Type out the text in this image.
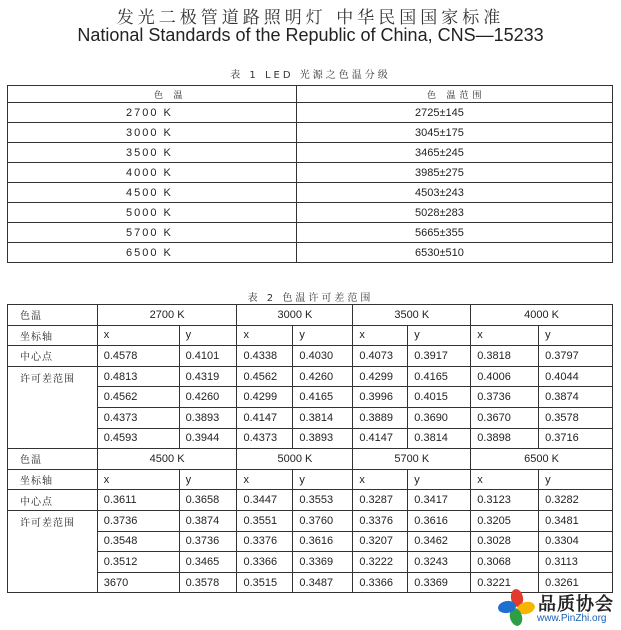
发光二极管道路照明灯 中华民国国家标准
National Standards of the Republic of China, CNS—15233
表 1 LED 光源之色温分级
色 温	色 温范围
2700 K	2725±145
3000 K	3045±175
3500 K	3465±245
4000 K	3985±275
4500 K	4503±243
5000 K	5028±283
5700 K	5665±355
6500 K	6530±510
表 2 色温许可差范围
色温	2700 K		3000 K		3500 K		4000 K	
坐标轴	x	y	x	y	x	y	x	y
中心点	0.4578	0.4101	0.4338	0.4030	0.4073	0.3917	0.3818	0.3797
许可差范围	0.4813	0.4319	0.4562	0.4260	0.4299	0.4165	0.4006	0.4044
	0.4562	0.4260	0.4299	0.4165	0.3996	0.4015	0.3736	0.3874
	0.4373	0.3893	0.4147	0.3814	0.3889	0.3690	0.3670	0.3578
	0.4593	0.3944	0.4373	0.3893	0.4147	0.3814	0.3898	0.3716
色温	4500 K		5000 K		5700 K		6500 K	
坐标轴	x	y	x	y	x	y	x	y
中心点	0.3611	0.3658	0.3447	0.3553	0.3287	0.3417	0.3123	0.3282
许可差范围	0.3736	0.3874	0.3551	0.3760	0.3376	0.3616	0.3205	0.3481
	0.3548	0.3736	0.3376	0.3616	0.3207	0.3462	0.3028	0.3304
	0.3512	0.3465	0.3366	0.3369	0.3222	0.3243	0.3068	0.3113
	3670	0.3578	0.3515	0.3487	0.3366	0.3369	0.3221	0.3261
品质协会
www.PinZhi.org
